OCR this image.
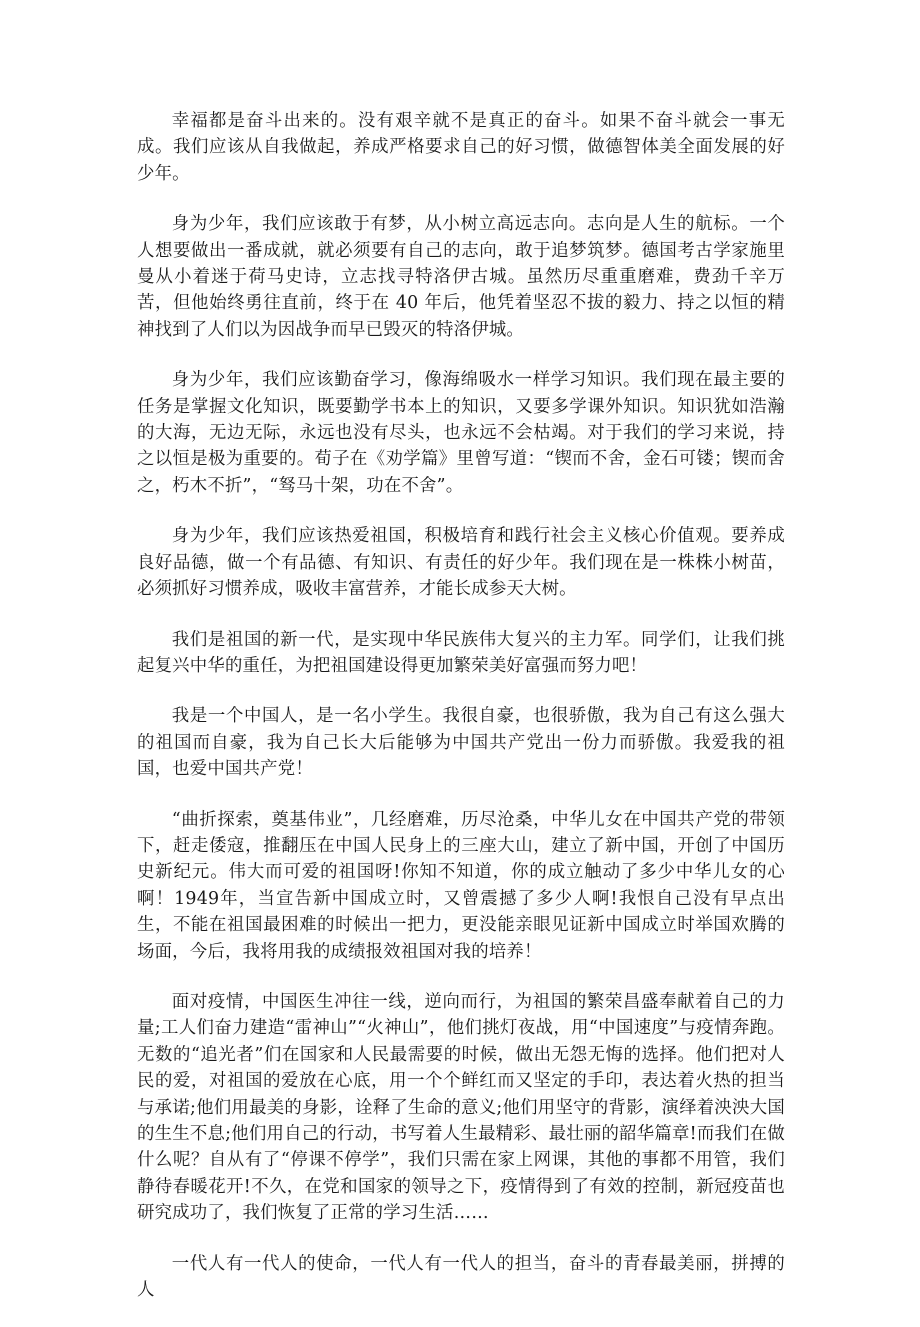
幸福都是奋斗出来的。没有艰辛就不是真正的奋斗。如果不奋斗就会一事无成。我们应该从自我做起，养成严格要求自己的好习惯，做德智体美全面发展的好少年。

身为少年，我们应该敢于有梦，从小树立高远志向。志向是人生的航标。一个人想要做出一番成就，就必须要有自己的志向，敢于追梦筑梦。德国考古学家施里曼从小着迷于荷马史诗，立志找寻特洛伊古城。虽然历尽重重磨难，费劲千辛万苦，但他始终勇往直前，终于在 40 年后，他凭着坚忍不拔的毅力、持之以恒的精神找到了人们以为因战争而早已毁灭的特洛伊城。

身为少年，我们应该勤奋学习，像海绵吸水一样学习知识。我们现在最主要的任务是掌握文化知识，既要勤学书本上的知识，又要多学课外知识。知识犹如浩瀚的大海，无边无际，永远也没有尽头，也永远不会枯竭。对于我们的学习来说，持之以恒是极为重要的。荀子在《劝学篇》里曾写道：“锲而不舍，金石可镂；锲而舍之，朽木不折”，“驽马十架，功在不舍”。

身为少年，我们应该热爱祖国，积极培育和践行社会主义核心价值观。要养成良好品德，做一个有品德、有知识、有责任的好少年。我们现在是一株株小树苗，必须抓好习惯养成，吸收丰富营养，才能长成参天大树。

我们是祖国的新一代，是实现中华民族伟大复兴的主力军。同学们，让我们挑起复兴中华的重任，为把祖国建设得更加繁荣美好富强而努力吧！

我是一个中国人，是一名小学生。我很自豪，也很骄傲，我为自己有这么强大的祖国而自豪，我为自己长大后能够为中国共产党出一份力而骄傲。我爱我的祖国，也爱中国共产党！

“曲折探索，奠基伟业”，几经磨难，历尽沧桑，中华儿女在中国共产党的带领下，赶走倭寇，推翻压在中国人民身上的三座大山，建立了新中国，开创了中国历史新纪元。伟大而可爱的祖国呀!你知不知道，你的成立触动了多少中华儿女的心啊！1949年，当宣告新中国成立时，又曾震撼了多少人啊!我恨自己没有早点出生，不能在祖国最困难的时候出一把力，更没能亲眼见证新中国成立时举国欢腾的场面，今后，我将用我的成绩报效祖国对我的培养！

面对疫情，中国医生冲往一线，逆向而行，为祖国的繁荣昌盛奉献着自己的力量;工人们奋力建造“雷神山”“火神山”，他们挑灯夜战，用“中国速度”与疫情奔跑。无数的“追光者”们在国家和人民最需要的时候，做出无怨无悔的选择。他们把对人民的爱，对祖国的爱放在心底，用一个个鲜红而又坚定的手印，表达着火热的担当与承诺;他们用最美的身影，诠释了生命的意义;他们用坚守的背影，演绎着泱泱大国的生生不息;他们用自己的行动，书写着人生最精彩、最壮丽的韶华篇章!而我们在做什么呢？自从有了“停课不停学”，我们只需在家上网课，其他的事都不用管，我们静待春暖花开!不久，在党和国家的领导之下，疫情得到了有效的控制，新冠疫苗也研究成功了，我们恢复了正常的学习生活……

一代人有一代人的使命，一代人有一代人的担当，奋斗的青春最美丽，拼搏的人
